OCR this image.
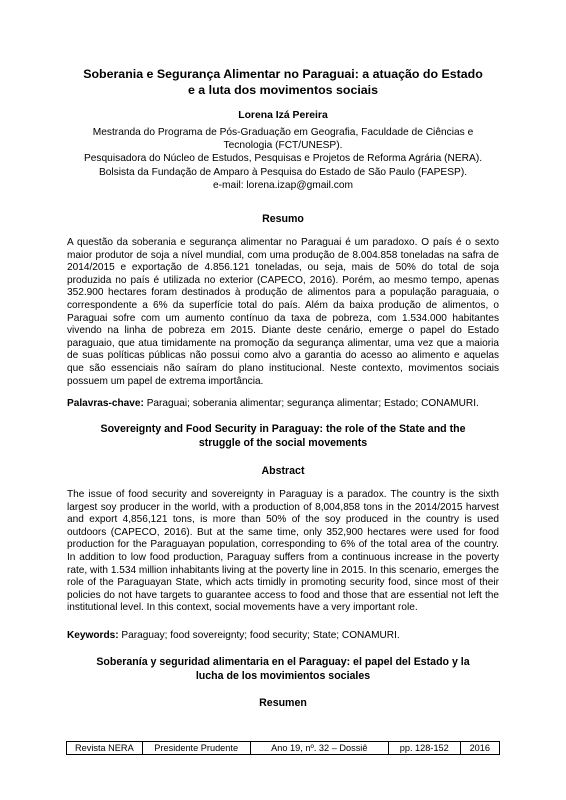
Soberania e Segurança Alimentar no Paraguai: a atuação do Estado
e a luta dos movimentos sociais
Lorena Izá Pereira
Mestranda do Programa de Pós-Graduação em Geografia, Faculdade de Ciências e
Tecnologia (FCT/UNESP).
Pesquisadora do Núcleo de Estudos, Pesquisas e Projetos de Reforma Agrária (NERA).
Bolsista da Fundação de Amparo à Pesquisa do Estado de São Paulo (FAPESP).
e-mail: lorena.izap@gmail.com
Resumo
A questão da soberania e segurança alimentar no Paraguai é um paradoxo. O país é o sexto maior produtor de soja a nível mundial, com uma produção de 8.004.858 toneladas na safra de 2014/2015 e exportação de 4.856.121 toneladas, ou seja, mais de 50% do total de soja produzida no país é utilizada no exterior (CAPECO, 2016). Porém, ao mesmo tempo, apenas 352.900 hectares foram destinados à produção de alimentos para a população paraguaia, o correspondente a 6% da superfície total do país. Além da baixa produção de alimentos, o Paraguai sofre com um aumento contínuo da taxa de pobreza, com 1.534.000 habitantes vivendo na linha de pobreza em 2015. Diante deste cenário, emerge o papel do Estado paraguaio, que atua timidamente na promoção da segurança alimentar, uma vez que a maioria de suas políticas públicas não possui como alvo a garantia do acesso ao alimento e aquelas que são essenciais não saíram do plano institucional. Neste contexto, movimentos sociais possuem um papel de extrema importância.
Palavras-chave: Paraguai; soberania alimentar; segurança alimentar; Estado; CONAMURI.
Sovereignty and Food Security in Paraguay: the role of the State and the
struggle of the social movements
Abstract
The issue of food security and sovereignty in Paraguay is a paradox. The country is the sixth largest soy producer in the world, with a production of 8,004,858 tons in the 2014/2015 harvest and export 4,856,121 tons, is more than 50% of the soy produced in the country is used outdoors (CAPECO, 2016). But at the same time, only 352,900 hectares were used for food production for the Paraguayan population, corresponding to 6% of the total area of the country. In addition to low food production, Paraguay suffers from a continuous increase in the poverty rate, with 1.534 million inhabitants living at the poverty line in 2015. In this scenario, emerges the role of the Paraguayan State, which acts timidly in promoting security food, since most of their policies do not have targets to guarantee access to food and those that are essential not left the institutional level. In this context, social movements have a very important role.
Keywords: Paraguay; food sovereignty; food security; State; CONAMURI.
Soberanía y seguridad alimentaria en el Paraguay: el papel del Estado y la
lucha de los movimientos sociales
Resumen
Revista NERA	Presidente Prudente	Ano 19, nº. 32 – Dossiê	pp. 128-152	2016
